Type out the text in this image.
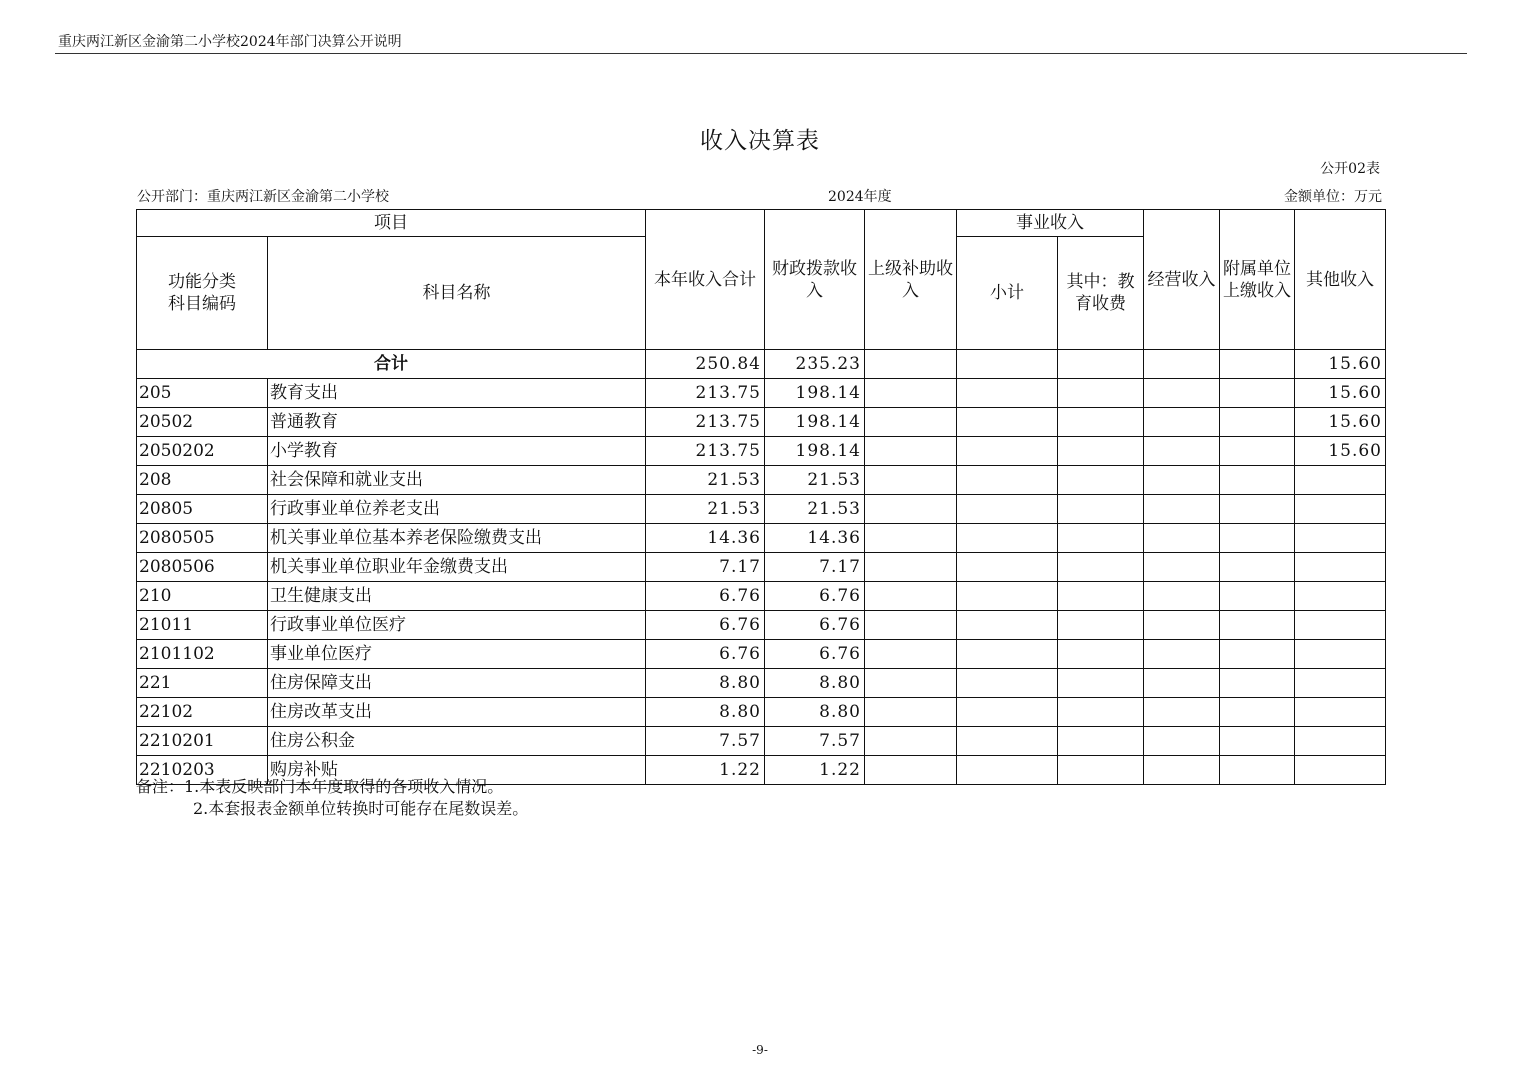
重庆两江新区金渝第二小学校2024年部门决算公开说明
收入决算表
公开02表
公开部门：重庆两江新区金渝第二小学校	2024年度	金额单位：万元
项目		本年收入合计	财政拨款收入	上级补助收入	事业收入		经营收入	附属单位上缴收入	其他收入
功能分类
科目编码	科目名称				小计	其中：教育收费			
合计		250.84	235.23						15.60
205	教育支出	213.75	198.14						15.60
20502	普通教育	213.75	198.14						15.60
2050202	小学教育	213.75	198.14						15.60
208	社会保障和就业支出	21.53	21.53						
20805	行政事业单位养老支出	21.53	21.53						
2080505	机关事业单位基本养老保险缴费支出	14.36	14.36						
2080506	机关事业单位职业年金缴费支出	7.17	7.17						
210	卫生健康支出	6.76	6.76						
21011	行政事业单位医疗	6.76	6.76						
2101102	事业单位医疗	6.76	6.76						
221	住房保障支出	8.80	8.80						
22102	住房改革支出	8.80	8.80						
2210201	住房公积金	7.57	7.57						
2210203	购房补贴	1.22	1.22						
备注：1.本表反映部门本年度取得的各项收入情况。
2.本套报表金额单位转换时可能存在尾数误差。
-9-
